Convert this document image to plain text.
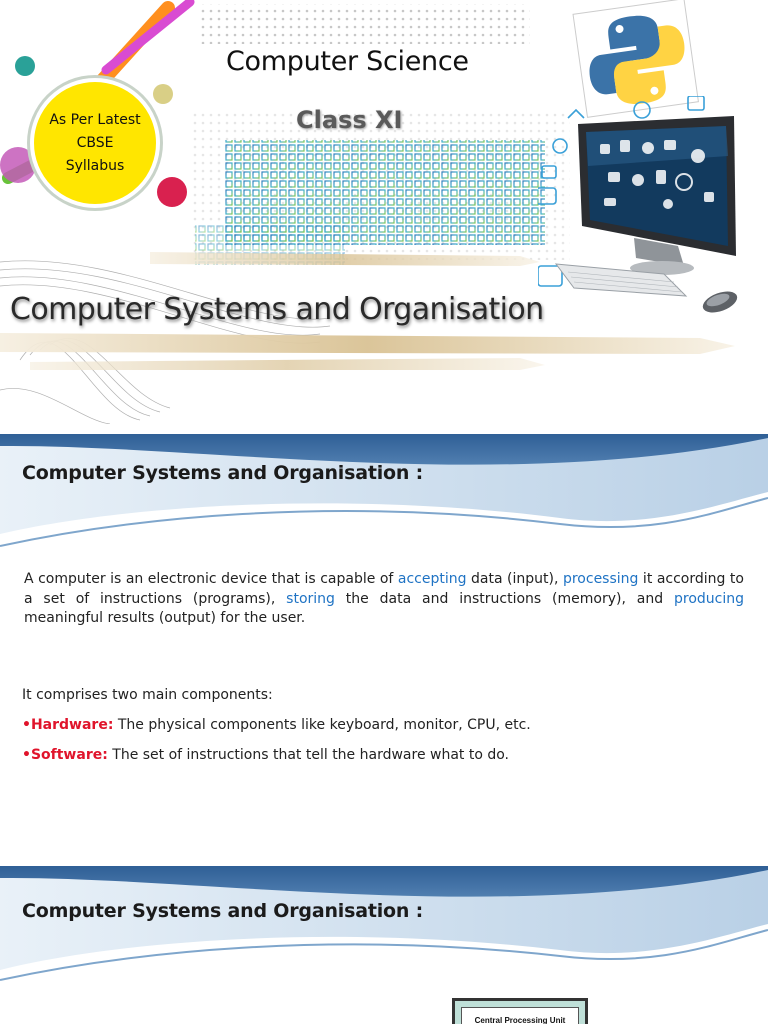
As Per Latest
CBSE
Syllabus
Computer Science
Class XI
Computer Systems and Organisation
Computer Systems and Organisation :
A computer is an electronic device that is capable of accepting data (input), processing it according to a set of instructions (programs), storing the data and instructions (memory), and producing meaningful results (output) for the user.
It comprises two main components:
•Hardware: The physical components like keyboard, monitor, CPU, etc.
•Software: The set of instructions that tell the hardware what to do.
Computer Systems and Organisation :
Central Processing Unit
